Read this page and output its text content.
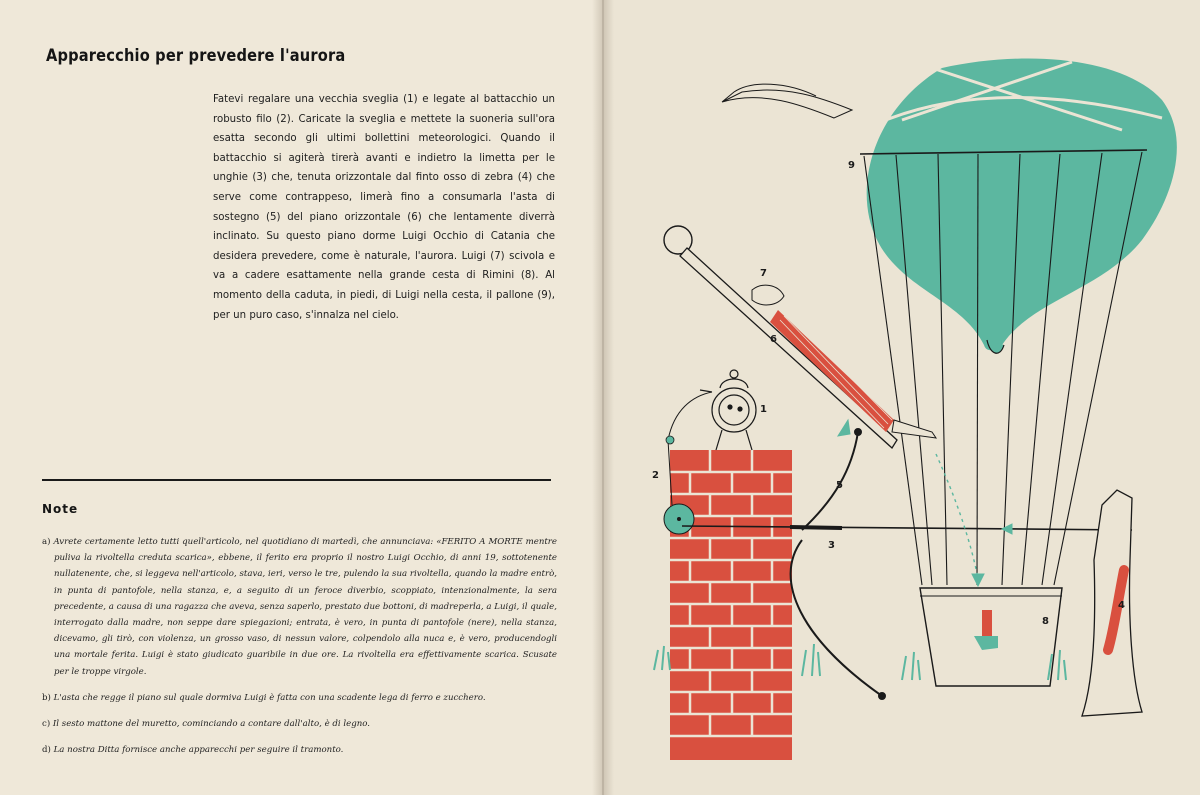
Apparecchio per prevedere l'aurora
Fatevi regalare una vecchia sveglia (1) e legate al battacchio un robusto filo (2). Caricate la sveglia e mettete la suoneria sull'ora esatta secondo gli ultimi bollettini meteorologici. Quando il battacchio si agiterà tirerà avanti e indietro la limetta per le unghie (3) che, tenuta orizzontale dal finto osso di zebra (4) che serve come contrappeso, limerà fino a consumarla l'asta di sostegno (5) del piano orizzontale (6) che lentamente diverrà inclinato. Su questo piano dorme Luigi Occhio di Catania che desidera prevedere, come è naturale, l'aurora. Luigi (7) scivola e va a cadere esattamente nella grande cesta di Rimini (8). Al momento della caduta, in piedi, di Luigi nella cesta, il pallone (9), per un puro caso, s'innalza nel cielo.
Note

a) Avrete certamente letto tutti quell'articolo, nel quotidiano di martedì, che annunciava: «FERITO A MORTE mentre puliva la rivoltella creduta scarica», ebbene, il ferito era proprio il nostro Luigi Occhio, di anni 19, sottotenente nullatenente, che, si leggeva nell'articolo, stava, ieri, verso le tre, pulendo la sua rivoltella, quando la madre entrò, in punta di pantofole, nella stanza, e, a seguito di un feroce diverbio, scoppiato, intenzionalmente, la sera precedente, a causa di una ragazza che aveva, senza saperlo, prestato due bottoni, di madreperla, a Luigi, il quale, interrogato dalla madre, non seppe dare spiegazioni; entrata, è vero, in punta di pantofole (nere), nella stanza, dicevamo, gli tirò, con violenza, un grosso vaso, di nessun valore, colpendolo alla nuca e, è vero, producendogli una mortale ferita. Luigi è stato giudicato guaribile in due ore. La rivoltella era effettivamente scarica. Scusate per le troppe virgole.

b) L'asta che regge il piano sul quale dormiva Luigi è fatta con una scadente lega di ferro e zucchero.

c) Il sesto mattone del muretto, cominciando a contare dall'alto, è di legno.

d) La nostra Ditta fornisce anche apparecchi per seguire il tramonto.

9
7
6
1
2
5
3
8
4
